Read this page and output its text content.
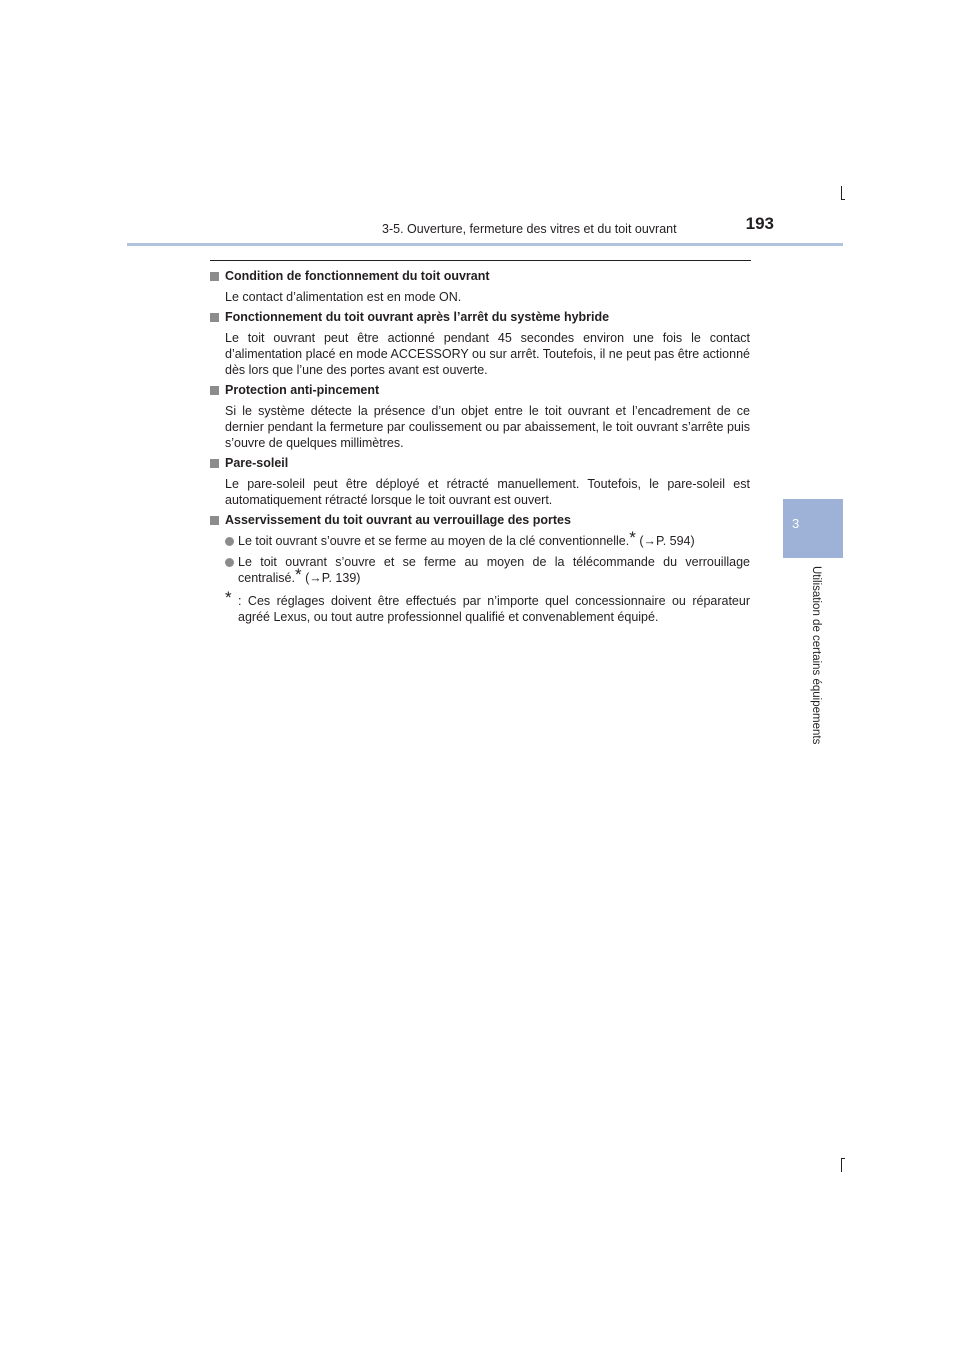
3-5. Ouverture, fermeture des vitres et du toit ouvrant	193
3
Utilisation de certains équipements
Condition de fonctionnement du toit ouvrant

Le contact d’alimentation est en mode ON.

Fonctionnement du toit ouvrant après l’arrêt du système hybride

Le toit ouvrant peut être actionné pendant 45 secondes environ une fois le contact d’alimentation placé en mode ACCESSORY ou sur arrêt. Toutefois, il ne peut pas être actionné dès lors que l’une des portes avant est ouverte.

Protection anti-pincement

Si le système détecte la présence d’un objet entre le toit ouvrant et l’encadrement de ce dernier pendant la fermeture par coulissement ou par abaissement, le toit ouvrant s’arrête puis s’ouvre de quelques millimètres.

Pare-soleil

Le pare-soleil peut être déployé et rétracté manuellement. Toutefois, le pare-soleil est automatiquement rétracté lorsque le toit ouvrant est ouvert.

Asservissement du toit ouvrant au verrouillage des portes
Le toit ouvrant s’ouvre et se ferme au moyen de la clé conventionnelle.* (→P. 594)
Le toit ouvrant s’ouvre et se ferme au moyen de la télécommande du verrouillage centralisé.* (→P. 139)
* : Ces réglages doivent être effectués par n’importe quel concessionnaire ou réparateur agréé Lexus, ou tout autre professionnel qualifié et convenablement équipé.
